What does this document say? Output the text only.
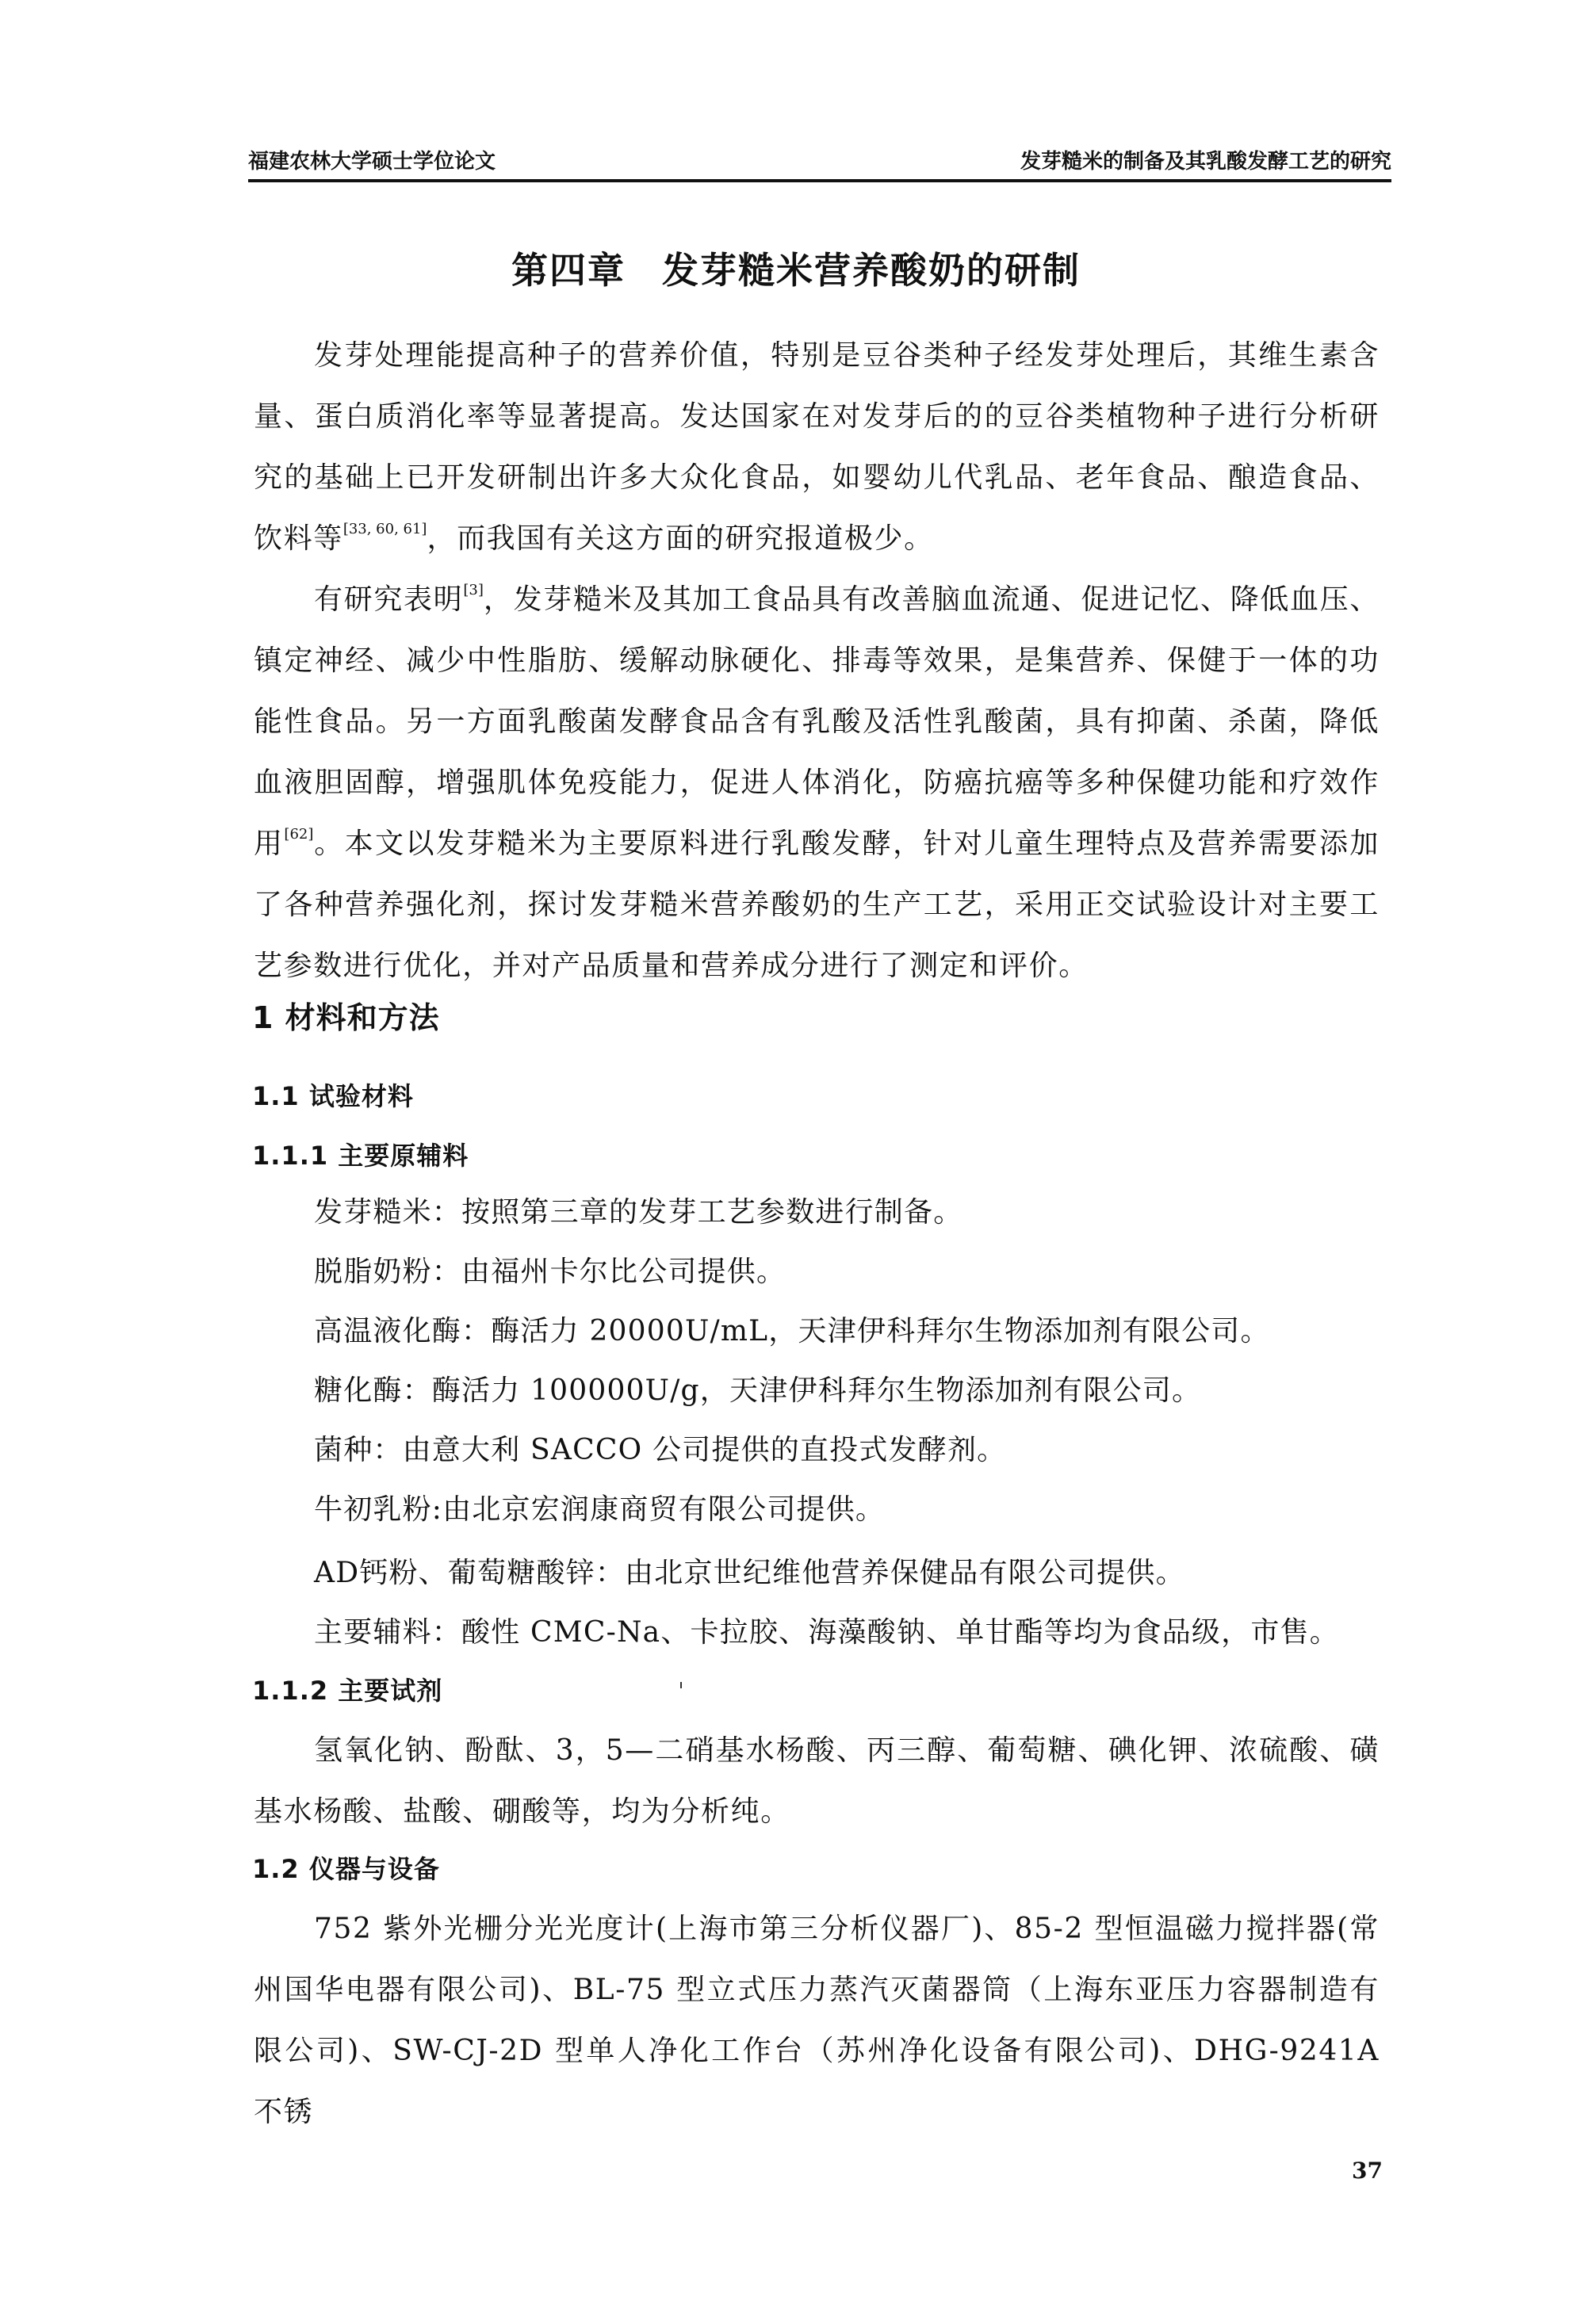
福建农林大学硕士学位论文	发芽糙米的制备及其乳酸发酵工艺的研究
第四章 发芽糙米营养酸奶的研制
发芽处理能提高种子的营养价值，特别是豆谷类种子经发芽处理后，其维生素含量、蛋白质消化率等显著提高。发达国家在对发芽后的的豆谷类植物种子进行分析研究的基础上已开发研制出许多大众化食品，如婴幼儿代乳品、老年食品、酿造食品、饮料等[33, 60, 61]，而我国有关这方面的研究报道极少。
有研究表明[3]，发芽糙米及其加工食品具有改善脑血流通、促进记忆、降低血压、镇定神经、减少中性脂肪、缓解动脉硬化、排毒等效果，是集营养、保健于一体的功能性食品。另一方面乳酸菌发酵食品含有乳酸及活性乳酸菌，具有抑菌、杀菌，降低血液胆固醇，增强肌体免疫能力，促进人体消化，防癌抗癌等多种保健功能和疗效作用[62]。本文以发芽糙米为主要原料进行乳酸发酵，针对儿童生理特点及营养需要添加了各种营养强化剂，探讨发芽糙米营养酸奶的生产工艺，采用正交试验设计对主要工艺参数进行优化，并对产品质量和营养成分进行了测定和评价。
1 材料和方法
1.1 试验材料
1.1.1 主要原辅料
发芽糙米：按照第三章的发芽工艺参数进行制备。
脱脂奶粉：由福州卡尔比公司提供。
高温液化酶：酶活力 20000U/mL，天津伊科拜尔生物添加剂有限公司。
糖化酶：酶活力 100000U/g，天津伊科拜尔生物添加剂有限公司。
菌种：由意大利 SACCO 公司提供的直投式发酵剂。
牛初乳粉:由北京宏润康商贸有限公司提供。
AD钙粉、葡萄糖酸锌：由北京世纪维他营养保健品有限公司提供。
主要辅料：酸性 CMC-Na、卡拉胶、海藻酸钠、单甘酯等均为食品级，市售。
1.1.2 主要试剂
氢氧化钠、酚酞、3，5—二硝基水杨酸、丙三醇、葡萄糖、碘化钾、浓硫酸、磺基水杨酸、盐酸、硼酸等，均为分析纯。
1.2 仪器与设备
752 紫外光栅分光光度计(上海市第三分析仪器厂)、85-2 型恒温磁力搅拌器(常州国华电器有限公司)、BL-75 型立式压力蒸汽灭菌器筒（上海东亚压力容器制造有限公司)、SW-CJ-2D 型单人净化工作台（苏州净化设备有限公司)、DHG-9241A 不锈
37
